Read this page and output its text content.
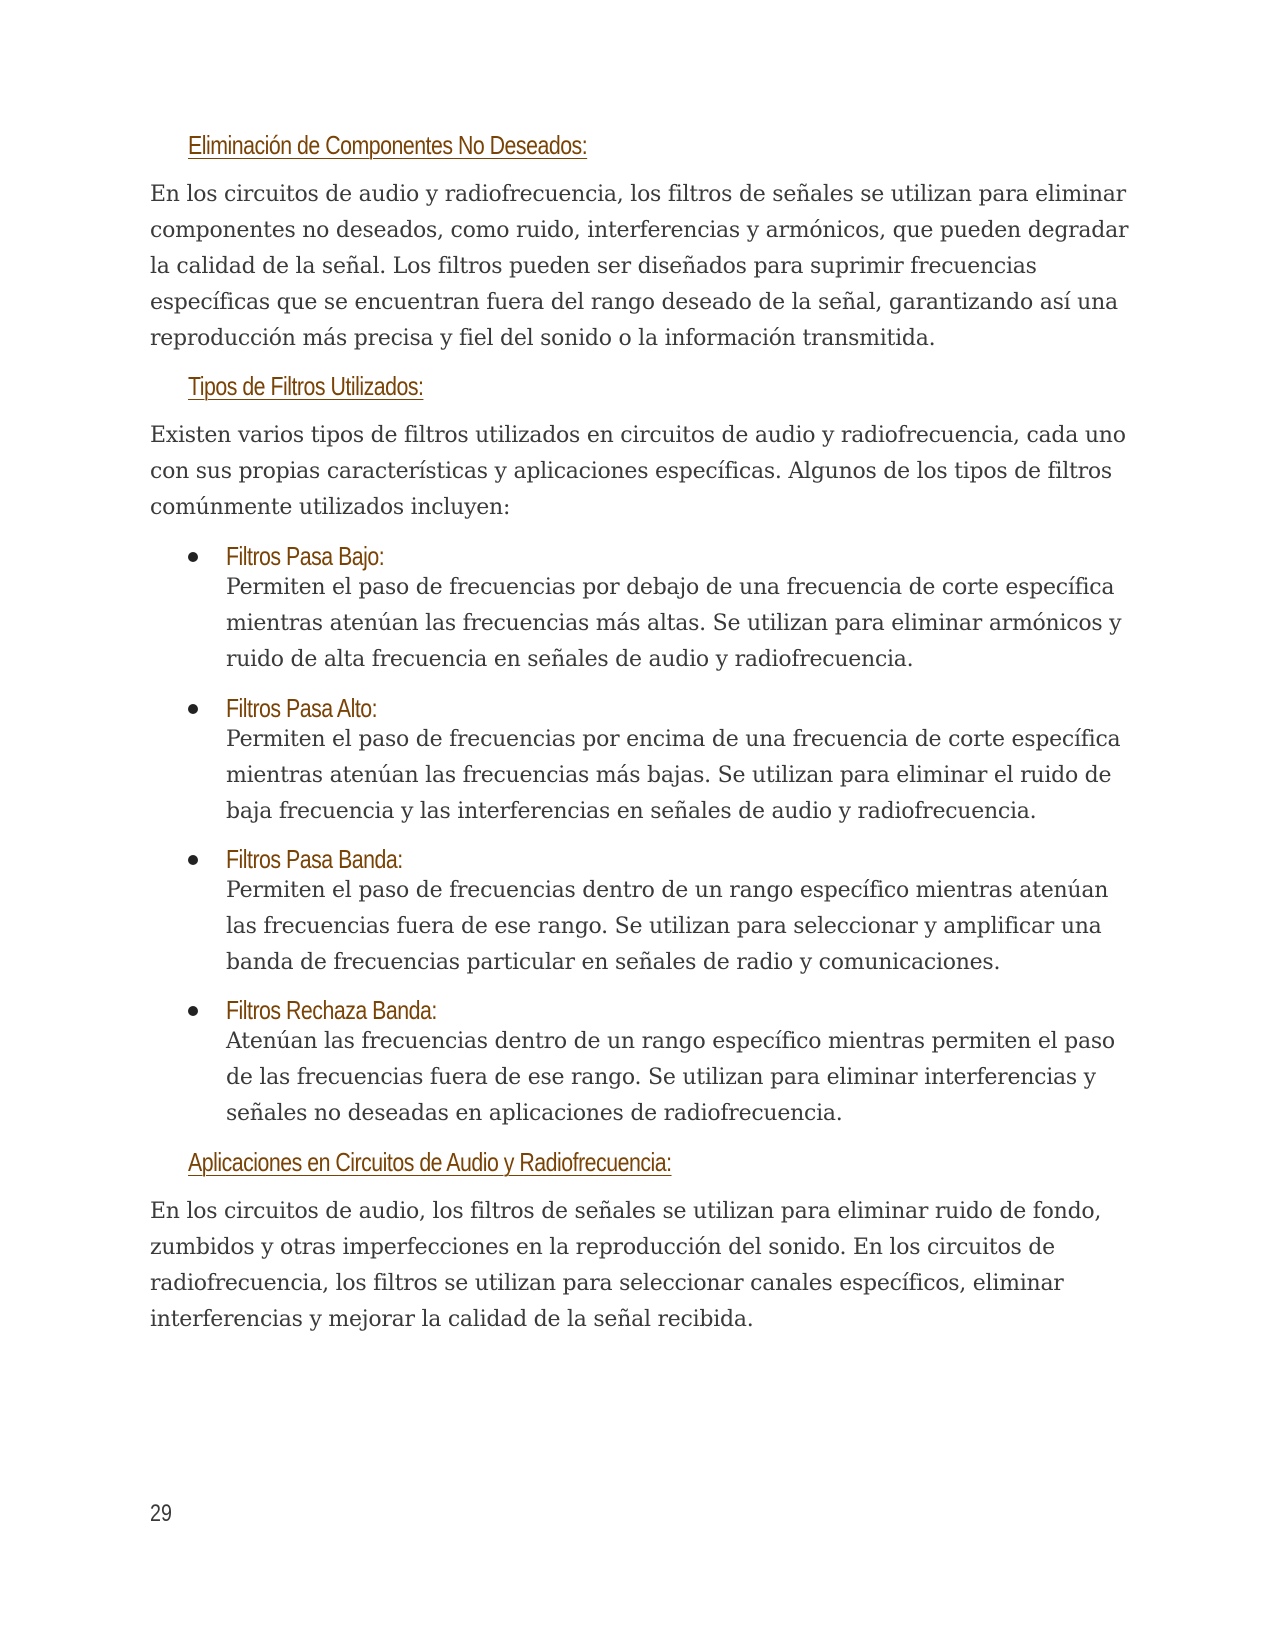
Eliminación de Componentes No Deseados:
En los circuitos de audio y radiofrecuencia, los filtros de señales se utilizan para eliminar componentes no deseados, como ruido, interferencias y armónicos, que pueden degradar la calidad de la señal. Los filtros pueden ser diseñados para suprimir frecuencias específicas que se encuentran fuera del rango deseado de la señal, garantizando así una reproducción más precisa y fiel del sonido o la información transmitida.
Tipos de Filtros Utilizados:
Existen varios tipos de filtros utilizados en circuitos de audio y radiofrecuencia, cada uno con sus propias características y aplicaciones específicas. Algunos de los tipos de filtros comúnmente utilizados incluyen:
Filtros Pasa Bajo:
Permiten el paso de frecuencias por debajo de una frecuencia de corte específica mientras atenúan las frecuencias más altas. Se utilizan para eliminar armónicos y ruido de alta frecuencia en señales de audio y radiofrecuencia.
Filtros Pasa Alto:
Permiten el paso de frecuencias por encima de una frecuencia de corte específica mientras atenúan las frecuencias más bajas. Se utilizan para eliminar el ruido de baja frecuencia y las interferencias en señales de audio y radiofrecuencia.
Filtros Pasa Banda:
Permiten el paso de frecuencias dentro de un rango específico mientras atenúan las frecuencias fuera de ese rango. Se utilizan para seleccionar y amplificar una banda de frecuencias particular en señales de radio y comunicaciones.
Filtros Rechaza Banda:
Atenúan las frecuencias dentro de un rango específico mientras permiten el paso de las frecuencias fuera de ese rango. Se utilizan para eliminar interferencias y señales no deseadas en aplicaciones de radiofrecuencia.
Aplicaciones en Circuitos de Audio y Radiofrecuencia:
En los circuitos de audio, los filtros de señales se utilizan para eliminar ruido de fondo, zumbidos y otras imperfecciones en la reproducción del sonido. En los circuitos de radiofrecuencia, los filtros se utilizan para seleccionar canales específicos, eliminar interferencias y mejorar la calidad de la señal recibida.
29
